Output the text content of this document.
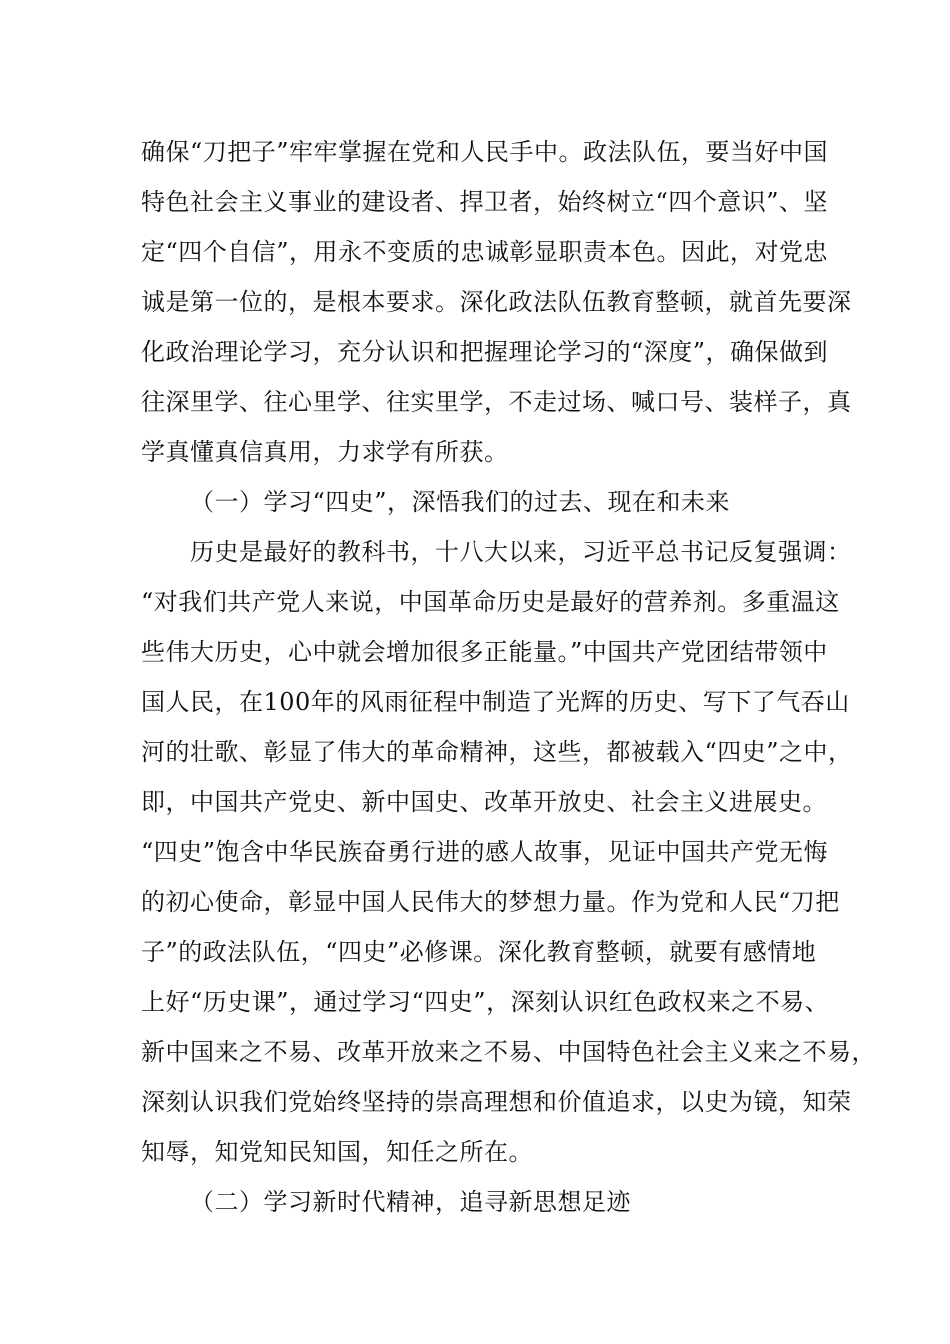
确保“刀把子”牢牢掌握在党和人民手中。政法队伍，要当好中国
特色社会主义事业的建设者、捍卫者，始终树立“四个意识”、坚
定“四个自信”，用永不变质的忠诚彰显职责本色。因此，对党忠
诚是第一位的，是根本要求。深化政法队伍教育整顿，就首先要深
化政治理论学习，充分认识和把握理论学习的“深度”，确保做到
往深里学、往心里学、往实里学，不走过场、喊口号、装样子，真
学真懂真信真用，力求学有所获。
（一）学习“四史”，深悟我们的过去、现在和未来
历史是最好的教科书，十八大以来，习近平总书记反复强调：
“对我们共产党人来说，中国革命历史是最好的营养剂。多重温这
些伟大历史，心中就会增加很多正能量。”中国共产党团结带领中
国人民，在100年的风雨征程中制造了光辉的历史、写下了气吞山
河的壮歌、彰显了伟大的革命精神，这些，都被载入“四史”之中，
即，中国共产党史、新中国史、改革开放史、社会主义进展史。
“四史”饱含中华民族奋勇行进的感人故事，见证中国共产党无悔
的初心使命，彰显中国人民伟大的梦想力量。作为党和人民“刀把
子”的政法队伍，“四史”必修课。深化教育整顿，就要有感情地
上好“历史课”，通过学习“四史”，深刻认识红色政权来之不易、
新中国来之不易、改革开放来之不易、中国特色社会主义来之不易，
深刻认识我们党始终坚持的崇高理想和价值追求，以史为镜，知荣
知辱，知党知民知国，知任之所在。
（二）学习新时代精神，追寻新思想足迹
